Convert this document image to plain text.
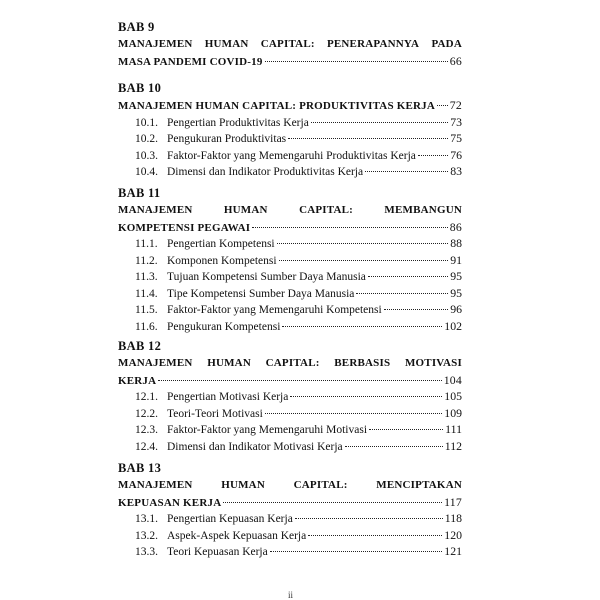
BAB 9
MANAJEMEN HUMAN CAPITAL: PENERAPANNYA PADA
MASA PANDEMI COVID-19	66
BAB 10
MANAJEMEN HUMAN CAPITAL: PRODUKTIVITAS KERJA 72
10.1. Pengertian Produktivitas Kerja	73
10.2. Pengukuran Produktivitas	75
10.3. Faktor-Faktor yang Memengaruhi Produktivitas Kerja	76
10.4. Dimensi dan Indikator Produktivitas Kerja	83
BAB 11
MANAJEMEN	HUMAN	CAPITAL:	MEMBANGUN
KOMPETENSI PEGAWAI	86
11.1. Pengertian Kompetensi	88
11.2. Komponen Kompetensi	91
11.3. Tujuan Kompetensi Sumber Daya Manusia	95
11.4. Tipe Kompetensi Sumber Daya Manusia	95
11.5. Faktor-Faktor yang Memengaruhi Kompetensi	96
11.6. Pengukuran Kompetensi	102
BAB 12
MANAJEMEN HUMAN CAPITAL: BERBASIS MOTIVASI
KERJA	104
12.1. Pengertian Motivasi Kerja	105
12.2. Teori-Teori Motivasi	109
12.3. Faktor-Faktor yang Memengaruhi Motivasi	111
12.4. Dimensi dan Indikator Motivasi Kerja	112
BAB 13
MANAJEMEN	HUMAN	CAPITAL:	MENCIPTAKAN
KEPUASAN KERJA	117
13.1. Pengertian Kepuasan Kerja	118
13.2. Aspek-Aspek Kepuasan Kerja	120
13.3. Teori Kepuasan Kerja	121
ii
